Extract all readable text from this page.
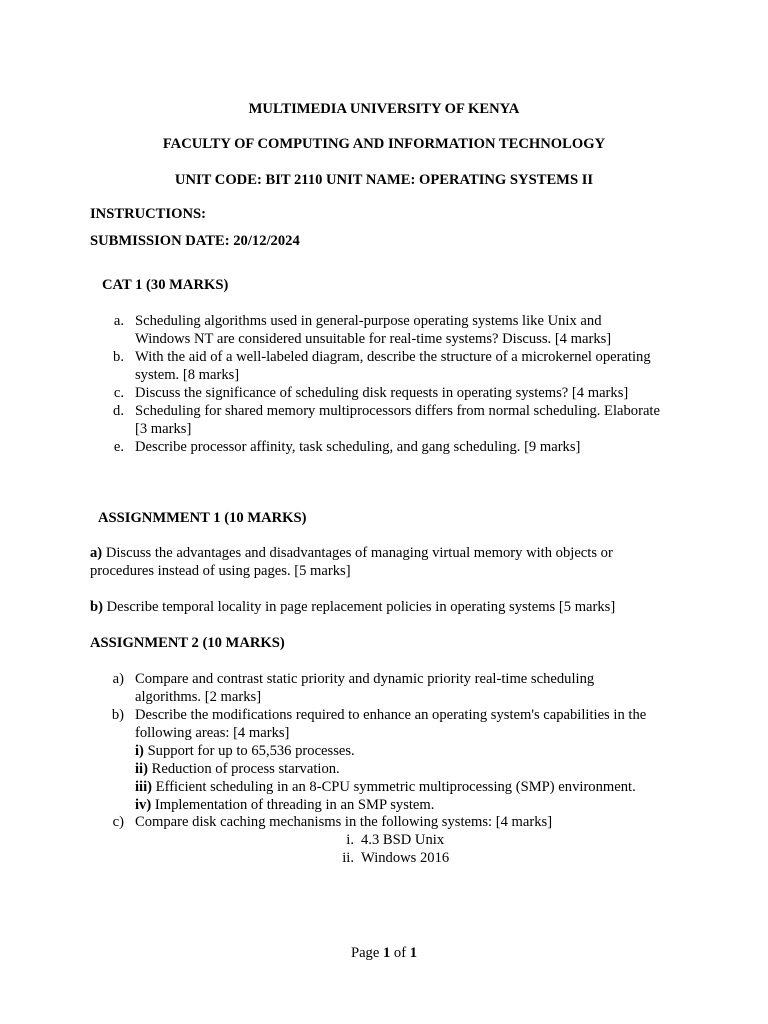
MULTIMEDIA UNIVERSITY OF KENYA
FACULTY OF COMPUTING AND INFORMATION TECHNOLOGY
UNIT CODE: BIT 2110 UNIT NAME: OPERATING SYSTEMS II
INSTRUCTIONS:
SUBMISSION DATE: 20/12/2024
CAT 1 (30 MARKS)
a. Scheduling algorithms used in general-purpose operating systems like Unix and
Windows NT are considered unsuitable for real-time systems? Discuss. [4 marks]
b. With the aid of a well-labeled diagram, describe the structure of a microkernel operating
system. [8 marks]
c. Discuss the significance of scheduling disk requests in operating systems? [4 marks]
d. Scheduling for shared memory multiprocessors differs from normal scheduling. Elaborate
[3 marks]
e. Describe processor affinity, task scheduling, and gang scheduling. [9 marks]
ASSIGNMMENT 1 (10 MARKS)
a) Discuss the advantages and disadvantages of managing virtual memory with objects or
procedures instead of using pages. [5 marks]
b) Describe temporal locality in page replacement policies in operating systems [5 marks]
ASSIGNMENT 2 (10 MARKS)
a) Compare and contrast static priority and dynamic priority real-time scheduling
algorithms. [2 marks]
b) Describe the modifications required to enhance an operating system's capabilities in the
following areas: [4 marks]
i) Support for up to 65,536 processes.
ii) Reduction of process starvation.
iii) Efficient scheduling in an 8-CPU symmetric multiprocessing (SMP) environment.
iv) Implementation of threading in an SMP system.
c) Compare disk caching mechanisms in the following systems: [4 marks]
i. 4.3 BSD Unix
ii. Windows 2016
Page 1 of 1
